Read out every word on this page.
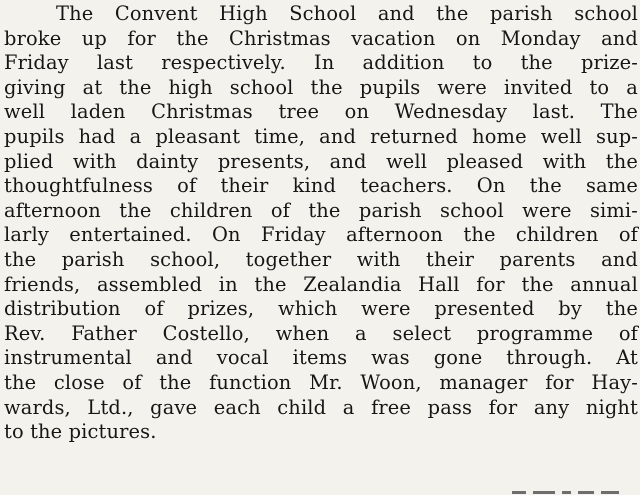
The Convent High School and the parish school
broke up for the Christmas vacation on Monday and
Friday last respectively. In addition to the prize-
giving at the high school the pupils were invited to a
well laden Christmas tree on Wednesday last. The
pupils had a pleasant time, and returned home well sup-
plied with dainty presents, and well pleased with the
thoughtfulness of their kind teachers. On the same
afternoon the children of the parish school were simi-
larly entertained. On Friday afternoon the children of
the parish school, together with their parents and
friends, assembled in the Zealandia Hall for the annual
distribution of prizes, which were presented by the
Rev. Father Costello, when a select programme of
instrumental and vocal items was gone through. At
the close of the function Mr. Woon, manager for Hay-
wards, Ltd., gave each child a free pass for any night
to the pictures.
